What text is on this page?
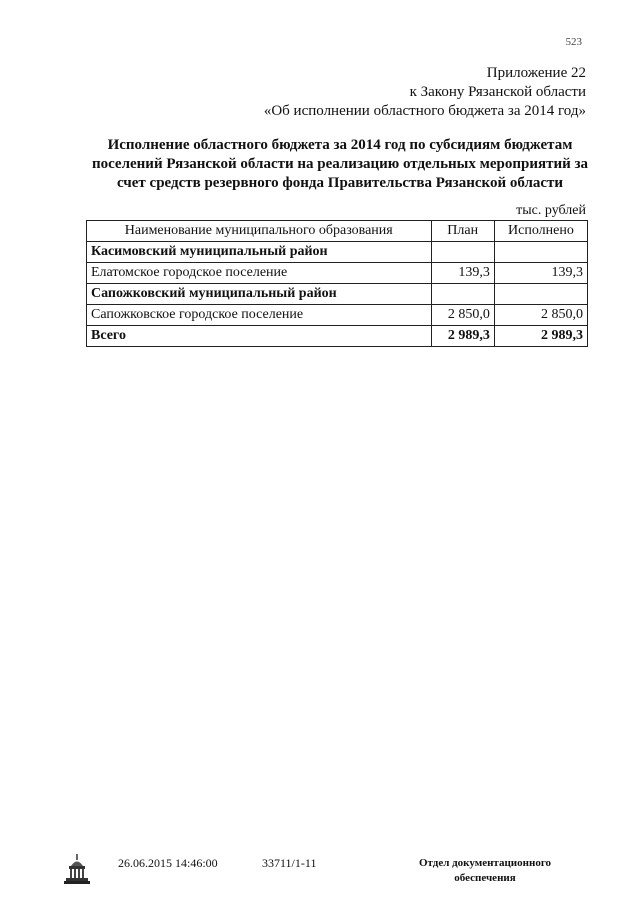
523
Приложение 22
к Закону Рязанской области
«Об исполнении областного бюджета за 2014 год»
Исполнение областного бюджета за 2014 год по субсидиям бюджетам
поселений Рязанской области на реализацию отдельных мероприятий за
счет средств резервного фонда Правительства Рязанской области
тыс. рублей
Наименование муниципального образования	План	Исполнено
Касимовский муниципальный район		
Елатомское городское поселение	139,3	139,3
Сапожковский муниципальный район		
Сапожковское городское поселение	2 850,0	2 850,0
Всего	2 989,3	2 989,3
26.06.2015 14:46:00	33711/1-11	Отдел документационного
обеспечения
